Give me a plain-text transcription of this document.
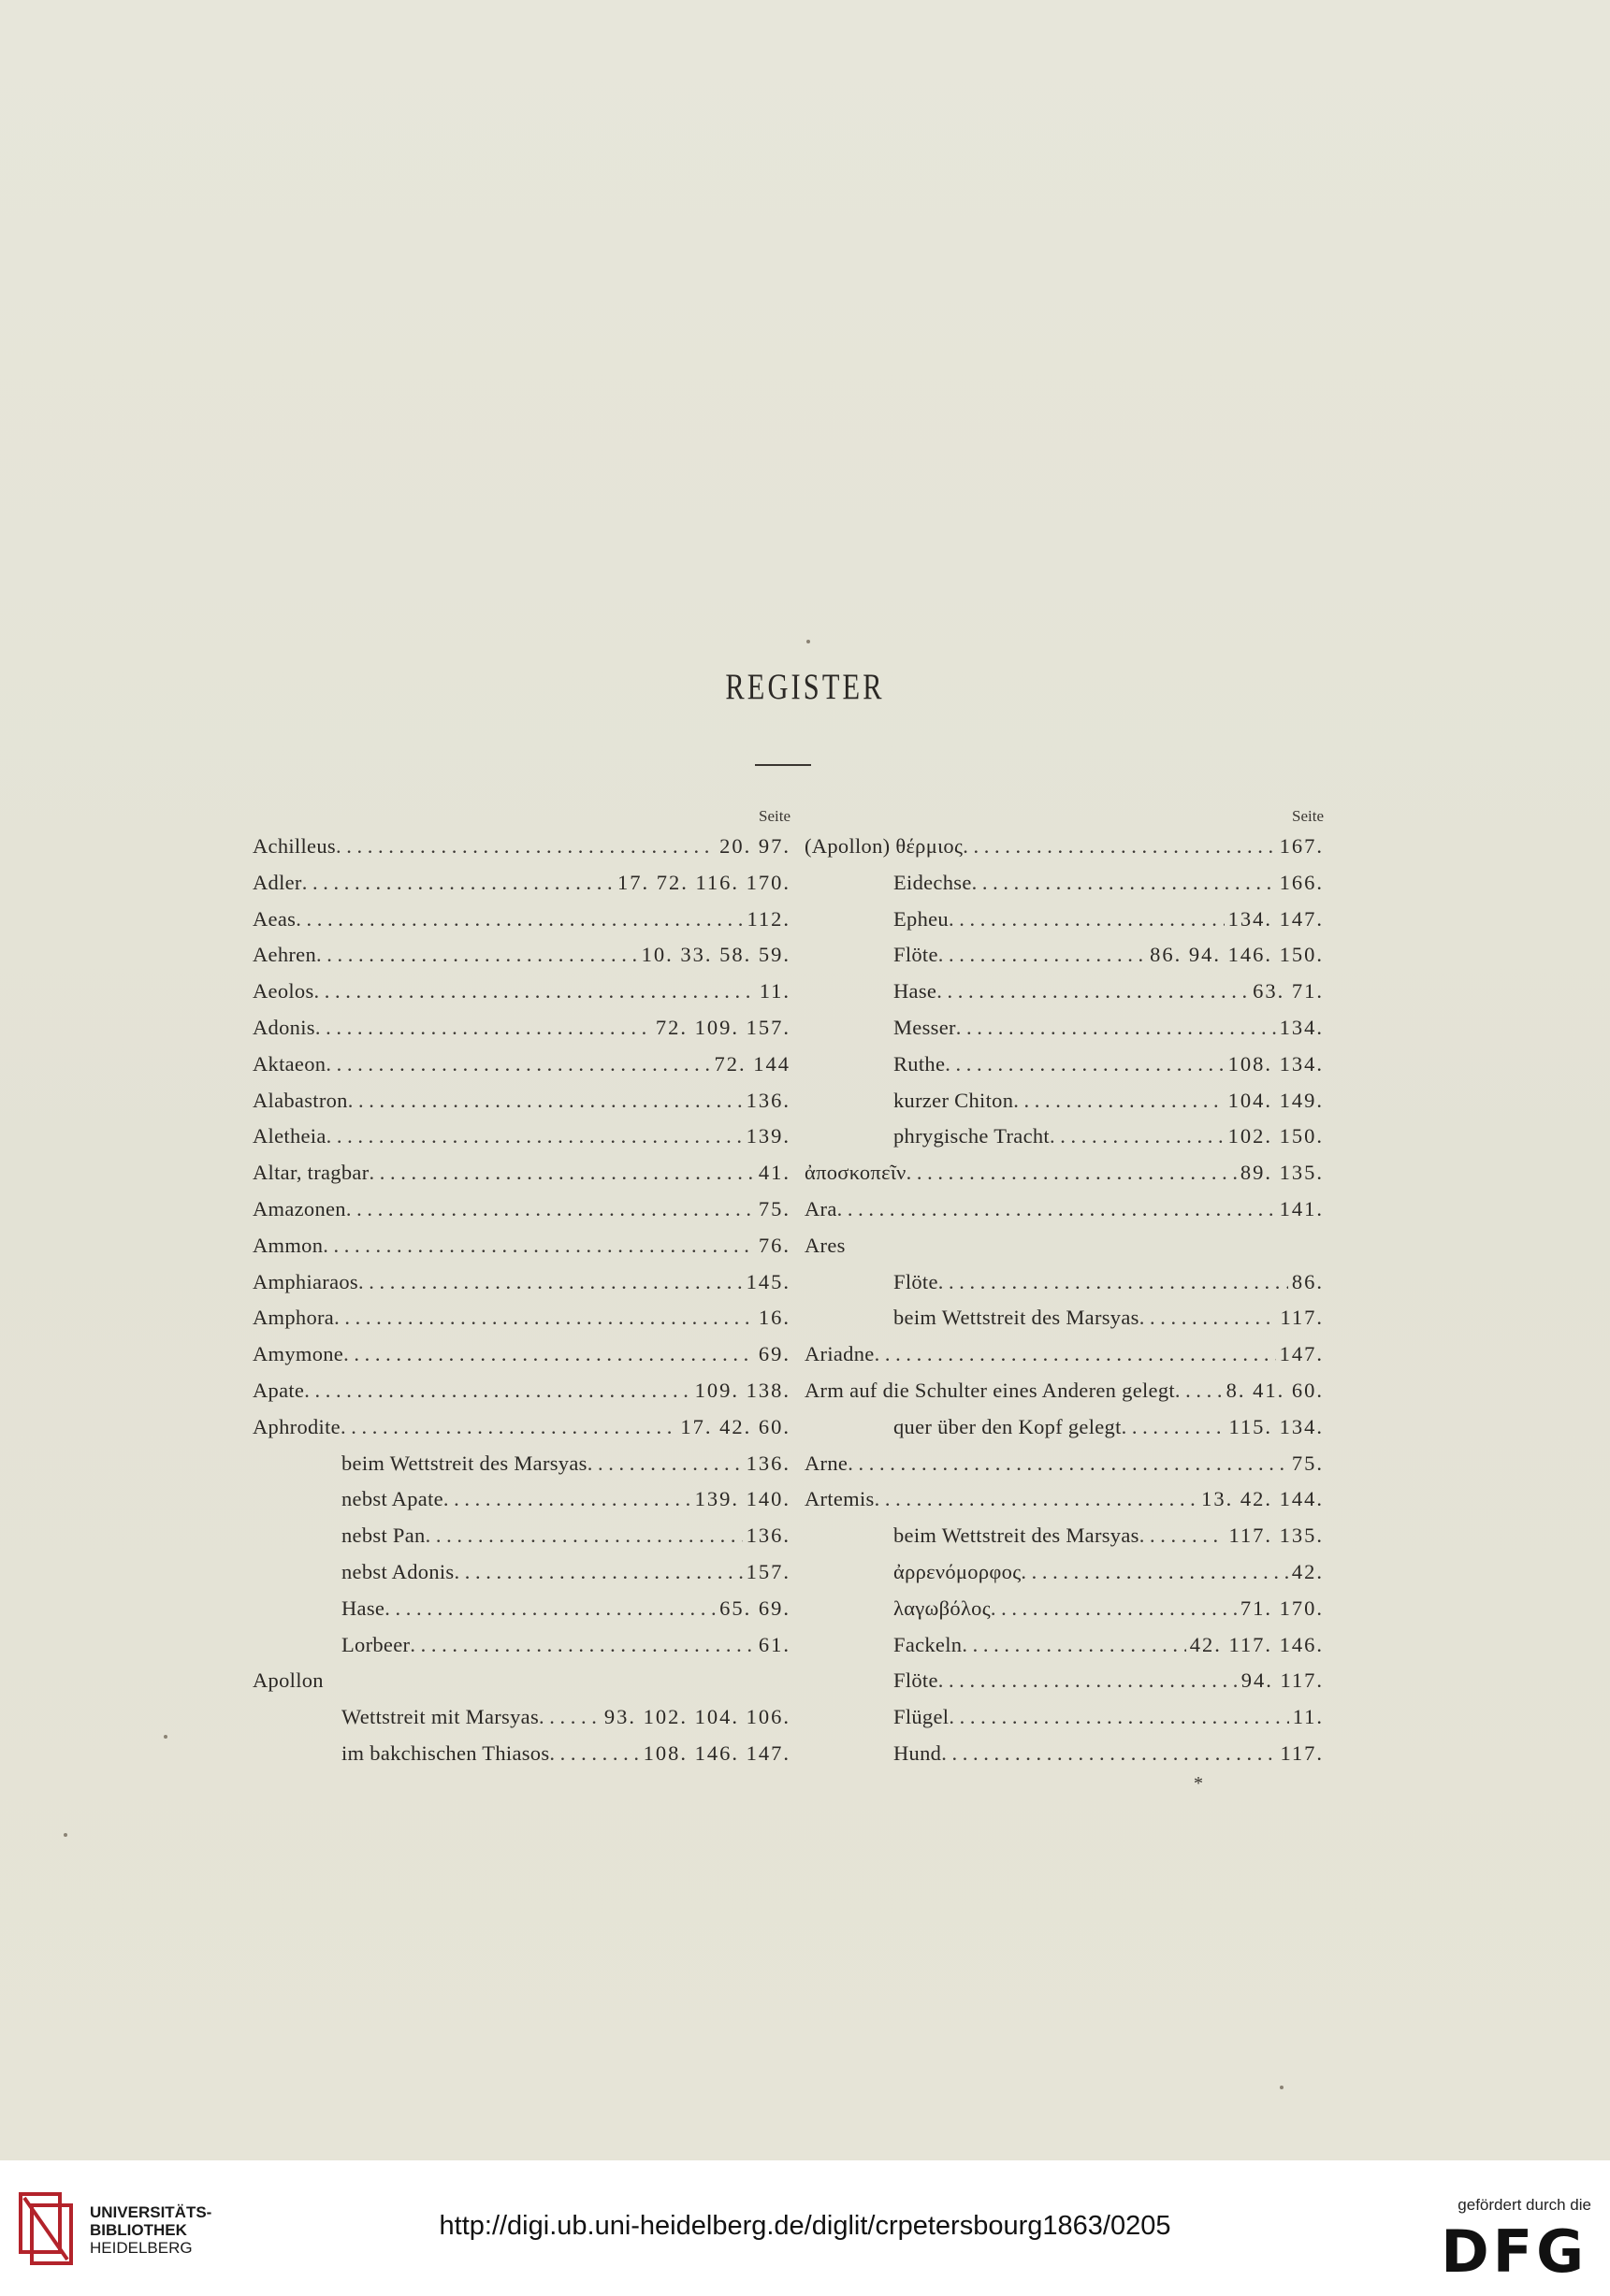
REGISTER
Seite
Achilleus . . .	20. 97.
Adler . . .	17. 72. 116. 170.
Aeas . . .	112.
Aehren . . .	10. 33. 58. 59.
Aeolos . . .	11.
Adonis . . .	72. 109. 157.
Aktaeon . . .	72. 144
Alabastron . . .	136.
Aletheia . . .	139.
Altar, tragbar . . .	41.
Amazonen . . .	75.
Ammon . . .	76.
Amphiaraos . . .	145.
Amphora . . .	16.
Amymone . . .	69.
Apate . . .	109. 138.
Aphrodite . . .	17. 42. 60.
beim Wettstreit des Marsyas . . .	136.
nebst Apate . . .	139. 140.
nebst Pan . . .	136.
nebst Adonis . . .	157.
Hase . . .	65. 69.
Lorbeer . . .	61.
Apollon
Wettstreit mit Marsyas . . .	93. 102. 104. 106.
im bakchischen Thiasos . . .	108. 146. 147.
Seite
(Apollon) θέρμιος . . .	167.
Eidechse . . .	166.
Epheu . . .	134. 147.
Flöte . . .	86. 94. 146. 150.
Hase . . .	63. 71.
Messer . . .	134.
Ruthe . . .	108. 134.
kurzer Chiton . . .	104. 149.
phrygische Tracht . . .	102. 150.
ἀποσκοπεῖν . . .	89. 135.
Ara . . .	141.
Ares
Flöte . . .	86.
beim Wettstreit des Marsyas . . .	117.
Ariadne . . .	147.
Arm auf die Schulter eines Anderen gelegt . . . 8. 41. 60.
quer über den Kopf gelegt . . .	115. 134.
Arne . . .	75.
Artemis . . .	13. 42. 144.
beim Wettstreit des Marsyas . . .	117. 135.
ἀρρενόμορφος . . .	42.
λαγωβόλος . . .	71. 170.
Fackeln . . .	42. 117. 146.
Flöte . . .	94. 117.
Flügel . . .	11.
Hund . . .	117.
*
UNIVERSITÄTS-
BIBLIOTHEK
HEIDELBERG
http://digi.ub.uni-heidelberg.de/diglit/crpetersbourg1863/0205
gefördert durch die
DFG
